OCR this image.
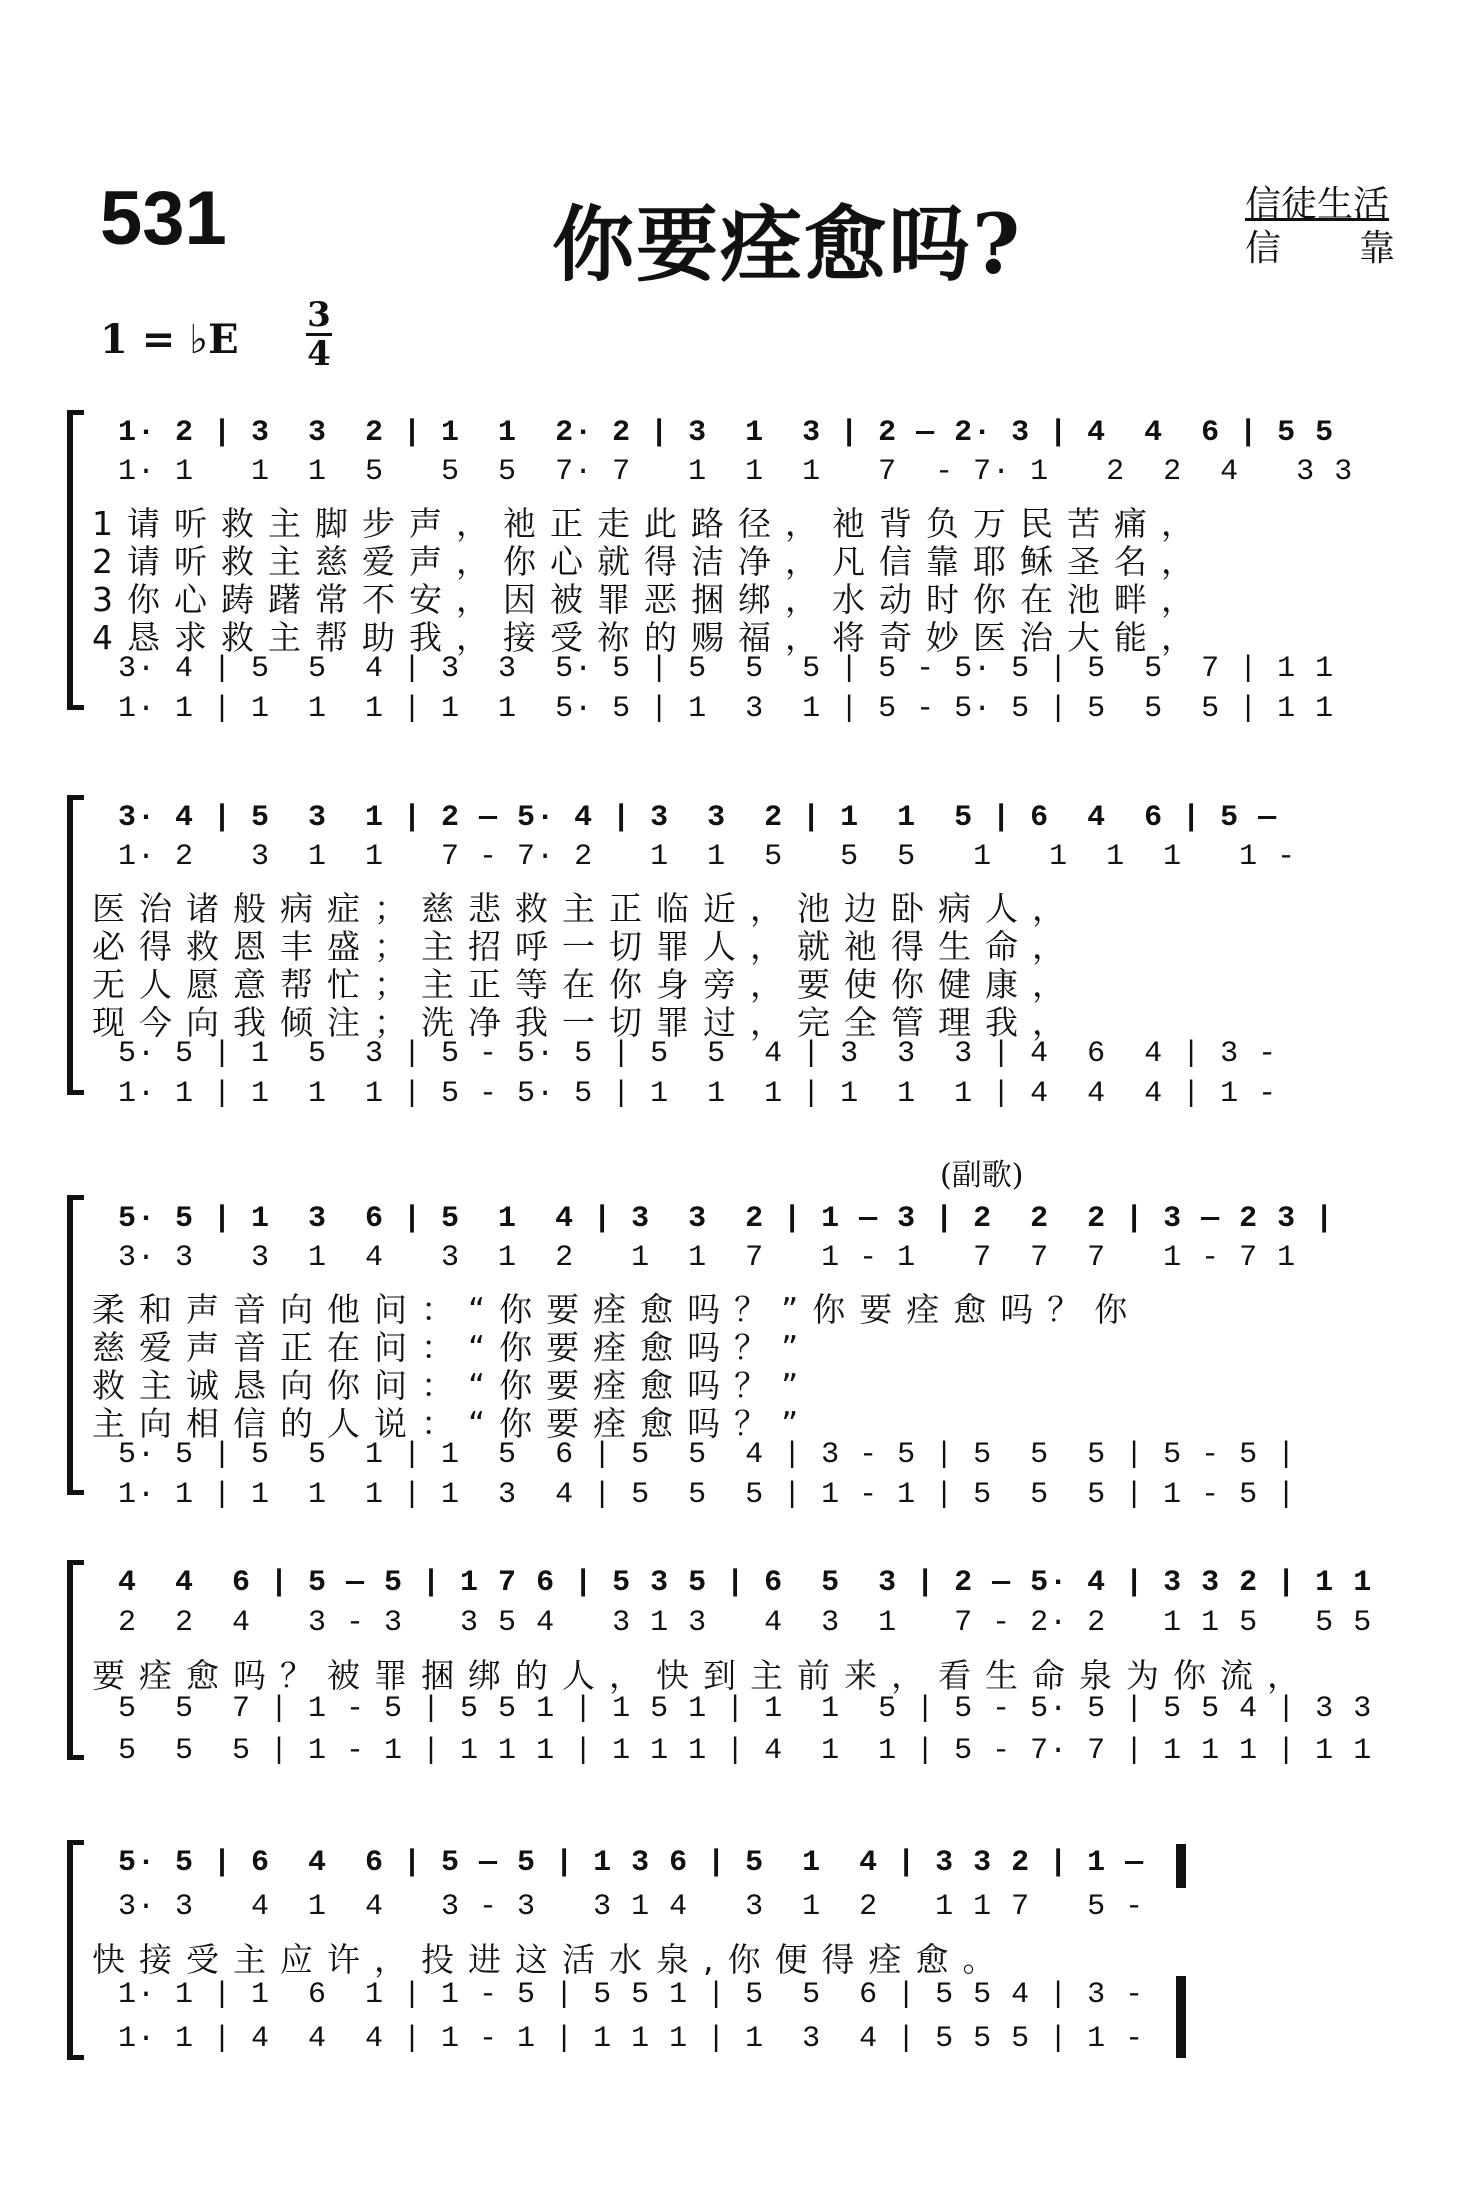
531	你要痊愈吗?	信徒生活
信　　靠
1 = ♭E
3
4
1· 2 | 3  3  2 | 1  1  2· 2 | 3  1  3 | 2 — 2· 3 | 4  4  6 | 5 5
1· 1   1  1  5   5  5  7· 7   1  1  1   7  - 7· 1   2  2  4   3 3
1请听救主脚步声，祂正走此路径，祂背负万民苦痛，
2请听救主慈爱声，你心就得洁净，凡信靠耶稣圣名，
3你心踌躇常不安，因被罪恶捆绑，水动时你在池畔，
4恳求救主帮助我，接受祢的赐福，将奇妙医治大能，
3· 4 | 5  5  4 | 3  3  5· 5 | 5  5  5 | 5 - 5· 5 | 5  5  7 | 1 1
1· 1 | 1  1  1 | 1  1  5· 5 | 1  3  1 | 5 - 5· 5 | 5  5  5 | 1 1
3· 4 | 5  3  1 | 2 — 5· 4 | 3  3  2 | 1  1  5 | 6  4  6 | 5 —
1· 2   3  1  1   7 - 7· 2   1  1  5   5  5   1   1  1  1   1 -
医治诸般病症；慈悲救主正临近，池边卧病人，
必得救恩丰盛；主招呼一切罪人，就祂得生命，
无人愿意帮忙；主正等在你身旁，要使你健康，
现今向我倾注；洗净我一切罪过，完全管理我，
5· 5 | 1  5  3 | 5 - 5· 5 | 5  5  4 | 3  3  3 | 4  6  4 | 3 -
1· 1 | 1  1  1 | 5 - 5· 5 | 1  1  1 | 1  1  1 | 4  4  4 | 1 -
(副歌)
5· 5 | 1  3  6 | 5  1  4 | 3  3  2 | 1 — 3 | 2  2  2 | 3 — 2 3 |
3· 3   3  1  4   3  1  2   1  1  7   1 - 1   7  7  7   1 - 7 1
柔和声音向他问：“你要痊愈吗？”你要痊愈吗？你
慈爱声音正在问：“你要痊愈吗？”
救主诚恳向你问：“你要痊愈吗？”
主向相信的人说：“你要痊愈吗？”
5· 5 | 5  5  1 | 1  5  6 | 5  5  4 | 3 - 5 | 5  5  5 | 5 - 5 |
1· 1 | 1  1  1 | 1  3  4 | 5  5  5 | 1 - 1 | 5  5  5 | 1 - 5 |
4  4  6 | 5 — 5 | 1 7 6 | 5 3 5 | 6  5  3 | 2 — 5· 4 | 3 3 2 | 1 1
2  2  4   3 - 3   3 5 4   3 1 3   4  3  1   7 - 2· 2   1 1 5   5 5
要痊愈吗？被罪捆绑的人，快到主前来，看生命泉为你流，
5  5  7 | 1 - 5 | 5 5 1 | 1 5 1 | 1  1  5 | 5 - 5· 5 | 5 5 4 | 3 3
5  5  5 | 1 - 1 | 1 1 1 | 1 1 1 | 4  1  1 | 5 - 7· 7 | 1 1 1 | 1 1
5· 5 | 6  4  6 | 5 — 5 | 1 3 6 | 5  1  4 | 3 3 2 | 1 —
3· 3   4  1  4   3 - 3   3 1 4   3  1  2   1 1 7   5 -
快接受主应许，投进这活水泉,你便得痊愈。
1· 1 | 1  6  1 | 1 - 5 | 5 5 1 | 5  5  6 | 5 5 4 | 3 -
1· 1 | 4  4  4 | 1 - 1 | 1 1 1 | 1  3  4 | 5 5 5 | 1 -
